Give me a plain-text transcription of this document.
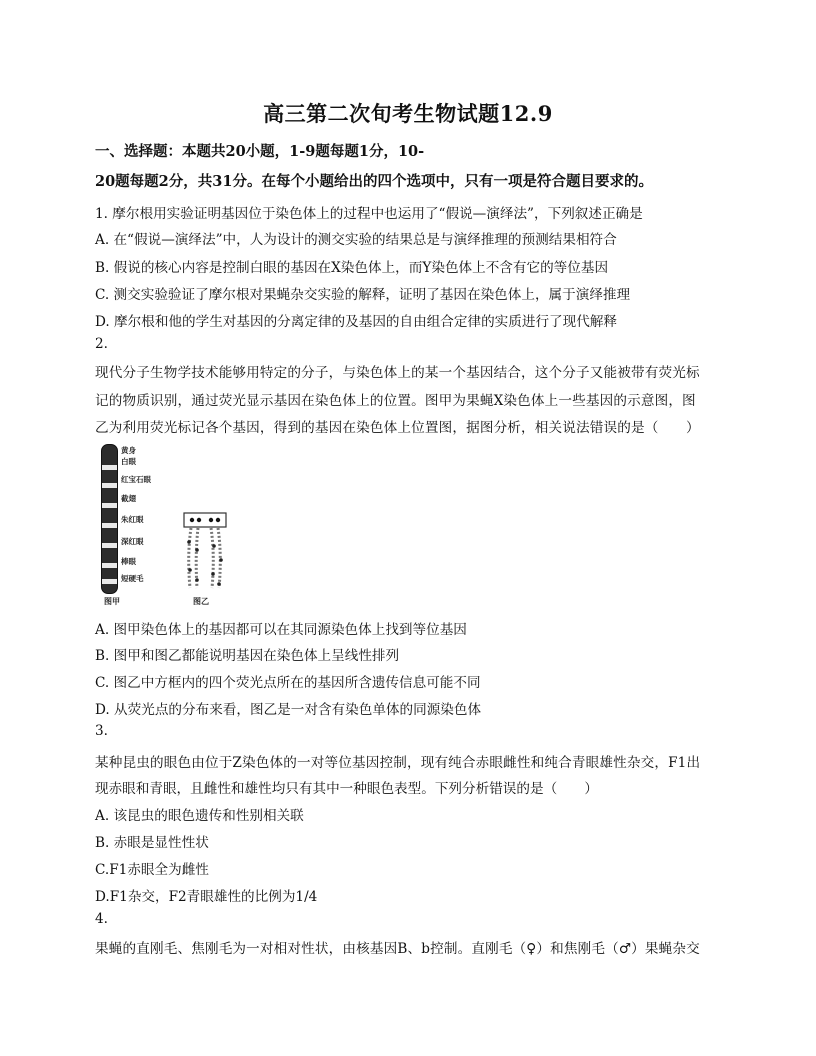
高三第二次旬考生物试题12.9
一、选择题：本题共20小题，1-9题每题1分，10-
20题每题2分，共31分。在每个小题给出的四个选项中，只有一项是符合题目要求的。
1. 摩尔根用实验证明基因位于染色体上的过程中也运用了“假说—演绎法”，下列叙述正确是
A. 在“假说—演绎法”中，人为设计的测交实验的结果总是与演绎推理的预测结果相符合
B. 假说的核心内容是控制白眼的基因在X染色体上，而Y染色体上不含有它的等位基因
C. 测交实验验证了摩尔根对果蝇杂交实验的解释，证明了基因在染色体上，属于演绎推理
D. 摩尔根和他的学生对基因的分离定律的及基因的自由组合定律的实质进行了现代解释
2.
现代分子生物学技术能够用特定的分子，与染色体上的某一个基因结合，这个分子又能被带有荧光标
记的物质识别，通过荧光显示基因在染色体上的位置。图甲为果蝇X染色体上一些基因的示意图，图
乙为利用荧光标记各个基因，得到的基因在染色体上位置图，据图分析，相关说法错误的是（　　）
黄身
白眼
红宝石眼
截翅
朱红眼
深红眼
棒眼
短硬毛
图甲	图乙
A. 图甲染色体上的基因都可以在其同源染色体上找到等位基因
B. 图甲和图乙都能说明基因在染色体上呈线性排列
C. 图乙中方框内的四个荧光点所在的基因所含遗传信息可能不同
D. 从荧光点的分布来看，图乙是一对含有染色单体的同源染色体
3.
某种昆虫的眼色由位于Z染色体的一对等位基因控制，现有纯合赤眼雌性和纯合青眼雄性杂交，F1出
现赤眼和青眼，且雌性和雄性均只有其中一种眼色表型。下列分析错误的是（　　）
A. 该昆虫的眼色遗传和性别相关联
B. 赤眼是显性性状
C.F1赤眼全为雌性
D.F1杂交，F2青眼雄性的比例为1/4
4.
果蝇的直刚毛、焦刚毛为一对相对性状，由核基因B、b控制。直刚毛（♀）和焦刚毛（♂）果蝇杂交
